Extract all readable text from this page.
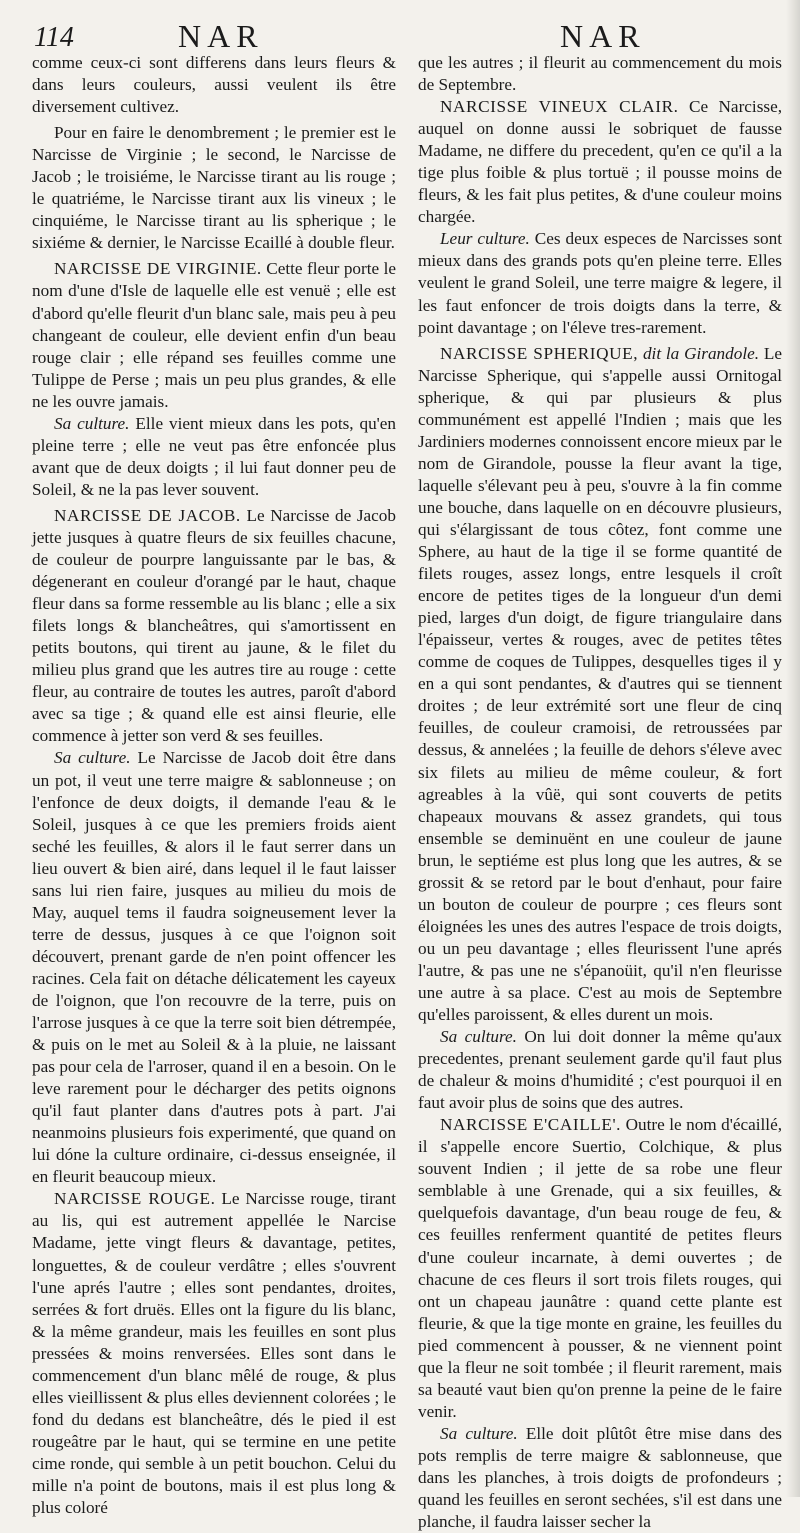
114	NAR	NAR

comme ceux-ci sont differens dans leurs fleurs & dans leurs couleurs, aussi veulent ils être diversement cultivez.

Pour en faire le denombrement ; le premier est le Narcisse de Virginie ; le second, le Narcisse de Jacob ; le troisiéme, le Narcisse tirant au lis rouge ; le quatriéme, le Narcisse tirant aux lis vineux ; le cinquiéme, le Narcisse tirant au lis spherique ; le sixiéme & dernier, le Narcisse Ecaillé à double fleur.

NARCISSE DE VIRGINIE. Cette fleur porte le nom d'une d'Isle de laquelle elle est venuë ; elle est d'abord qu'elle fleurit d'un blanc sale, mais peu à peu changeant de couleur, elle devient enfin d'un beau rouge clair ; elle répand ses feuilles comme une Tulippe de Perse ; mais un peu plus grandes, & elle ne les ouvre jamais.

Sa culture. Elle vient mieux dans les pots, qu'en pleine terre ; elle ne veut pas être enfoncée plus avant que de deux doigts ; il lui faut donner peu de Soleil, & ne la pas lever souvent.

NARCISSE DE JACOB. Le Narcisse de Jacob jette jusques à quatre fleurs de six feuilles chacune, de couleur de pourpre languissante par le bas, & dégenerant en couleur d'orangé par le haut, chaque fleur dans sa forme ressemble au lis blanc ; elle a six filets longs & blancheâtres, qui s'amortissent en petits boutons, qui tirent au jaune, & le filet du milieu plus grand que les autres tire au rouge : cette fleur, au contraire de toutes les autres, paroît d'abord avec sa tige ; & quand elle est ainsi fleurie, elle commence à jetter son verd & ses feuilles.

Sa culture. Le Narcisse de Jacob doit être dans un pot, il veut une terre maigre & sablonneuse ; on l'enfonce de deux doigts, il demande l'eau & le Soleil, jusques à ce que les premiers froids aient seché les feuilles, & alors il le faut serrer dans un lieu ouvert & bien airé, dans lequel il le faut laisser sans lui rien faire, jusques au milieu du mois de May, auquel tems il faudra soigneusement lever la terre de dessus, jusques à ce que l'oignon soit découvert, prenant garde de n'en point offencer les racines. Cela fait on détache délicatement les cayeux de l'oignon, que l'on recouvre de la terre, puis on l'arrose jusques à ce que la terre soit bien détrempée, & puis on le met au Soleil & à la pluie, ne laissant pas pour cela de l'arroser, quand il en a besoin. On le leve rarement pour le décharger des petits oignons qu'il faut planter dans d'autres pots à part. J'ai neanmoins plusieurs fois experimenté, que quand on lui dóne la culture ordinaire, ci-dessus enseignée, il en fleurit beaucoup mieux.

NARCISSE ROUGE. Le Narcisse rouge, tirant au lis, qui est autrement appellée le Narcise Madame, jette vingt fleurs & davantage, petites, longuettes, & de couleur verdâtre ; elles s'ouvrent l'une aprés l'autre ; elles sont pendantes, droites, serrées & fort druës. Elles ont la figure du lis blanc, & la même grandeur, mais les feuilles en sont plus pressées & moins renversées. Elles sont dans le commencement d'un blanc mêlé de rouge, & plus elles vieillissent & plus elles deviennent colorées ; le fond du dedans est blancheâtre, dés le pied il est rougeâtre par le haut, qui se termine en une petite cime ronde, qui semble à un petit bouchon. Celui du mille n'a point de boutons, mais il est plus long & plus coloré

que les autres ; il fleurit au commencement du mois de Septembre.

NARCISSE VINEUX CLAIR. Ce Narcisse, auquel on donne aussi le sobriquet de fausse Madame, ne differe du precedent, qu'en ce qu'il a la tige plus foible & plus tortuë ; il pousse moins de fleurs, & les fait plus petites, & d'une couleur moins chargée.

Leur culture. Ces deux especes de Narcisses sont mieux dans des grands pots qu'en pleine terre. Elles veulent le grand Soleil, une terre maigre & legere, il les faut enfoncer de trois doigts dans la terre, & point davantage ; on l'éleve tres-rarement.

NARCISSE SPHERIQUE, dit la Girandole. Le Narcisse Spherique, qui s'appelle aussi Ornitogal spherique, & qui par plusieurs & plus communément est appellé l'Indien ; mais que les Jardiniers modernes connoissent encore mieux par le nom de Girandole, pousse la fleur avant la tige, laquelle s'élevant peu à peu, s'ouvre à la fin comme une bouche, dans laquelle on en découvre plusieurs, qui s'élargissant de tous côtez, font comme une Sphere, au haut de la tige il se forme quantité de filets rouges, assez longs, entre lesquels il croît encore de petites tiges de la longueur d'un demi pied, larges d'un doigt, de figure triangulaire dans l'épaisseur, vertes & rouges, avec de petites têtes comme de coques de Tulippes, desquelles tiges il y en a qui sont pendantes, & d'autres qui se tiennent droites ; de leur extrémité sort une fleur de cinq feuilles, de couleur cramoisi, de retroussées par dessus, & annelées ; la feuille de dehors s'éleve avec six filets au milieu de même couleur, & fort agreables à la vûë, qui sont couverts de petits chapeaux mouvans & assez grandets, qui tous ensemble se deminuënt en une couleur de jaune brun, le septiéme est plus long que les autres, & se grossit & se retord par le bout d'enhaut, pour faire un bouton de couleur de pourpre ; ces fleurs sont éloignées les unes des autres l'espace de trois doigts, ou un peu davantage ; elles fleurissent l'une aprés l'autre, & pas une ne s'épanoüit, qu'il n'en fleurisse une autre à sa place. C'est au mois de Septembre qu'elles paroissent, & elles durent un mois.

Sa culture. On lui doit donner la même qu'aux precedentes, prenant seulement garde qu'il faut plus de chaleur & moins d'humidité ; c'est pourquoi il en faut avoir plus de soins que des autres.

NARCISSE E'CAILLE'. Outre le nom d'écaillé, il s'appelle encore Suertio, Colchique, & plus souvent Indien ; il jette de sa robe une fleur semblable à une Grenade, qui a six feuilles, & quelquefois davantage, d'un beau rouge de feu, & ces feuilles renferment quantité de petites fleurs d'une couleur incarnate, à demi ouvertes ; de chacune de ces fleurs il sort trois filets rouges, qui ont un chapeau jaunâtre : quand cette plante est fleurie, & que la tige monte en graine, les feuilles du pied commencent à pousser, & ne viennent point que la fleur ne soit tombée ; il fleurit rarement, mais sa beauté vaut bien qu'on prenne la peine de le faire venir.

Sa culture. Elle doit plûtôt être mise dans des pots remplis de terre maigre & sablonneuse, que dans les planches, à trois doigts de profondeurs ; quand les feuilles en seront sechées, s'il est dans une planche, il faudra laisser secher la
